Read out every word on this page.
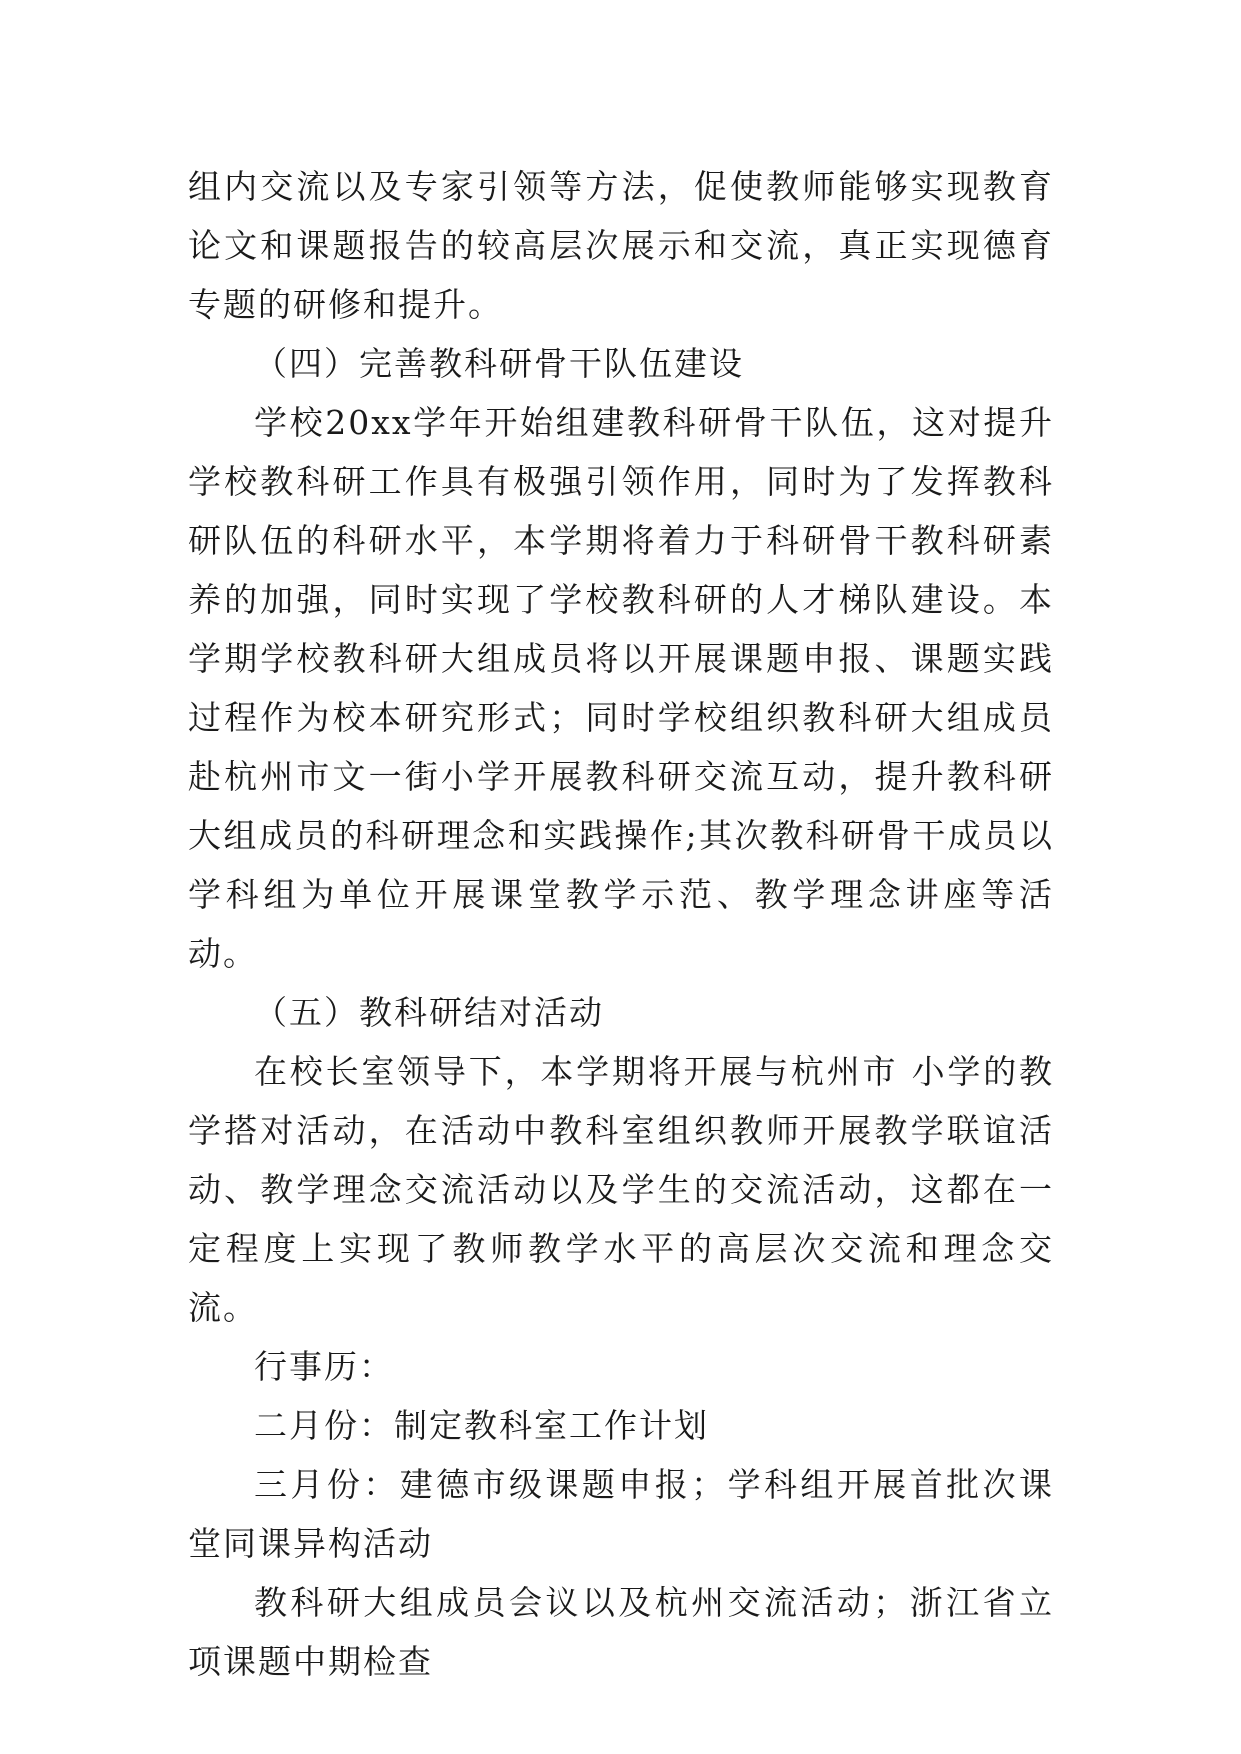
组内交流以及专家引领等方法，促使教师能够实现教育论文和课题报告的较高层次展示和交流，真正实现德育专题的研修和提升。

（四）完善教科研骨干队伍建设

学校20xx学年开始组建教科研骨干队伍，这对提升学校教科研工作具有极强引领作用，同时为了发挥教科研队伍的科研水平，本学期将着力于科研骨干教科研素养的加强，同时实现了学校教科研的人才梯队建设。本学期学校教科研大组成员将以开展课题申报、课题实践过程作为校本研究形式；同时学校组织教科研大组成员赴杭州市文一街小学开展教科研交流互动，提升教科研大组成员的科研理念和实践操作;其次教科研骨干成员以学科组为单位开展课堂教学示范、教学理念讲座等活动。

（五）教科研结对活动

在校长室领导下，本学期将开展与杭州市 小学的教学搭对活动，在活动中教科室组织教师开展教学联谊活动、教学理念交流活动以及学生的交流活动，这都在一定程度上实现了教师教学水平的高层次交流和理念交流。

行事历：

二月份：制定教科室工作计划

三月份：建德市级课题申报；学科组开展首批次课堂同课异构活动

教科研大组成员会议以及杭州交流活动；浙江省立项课题中期检查
